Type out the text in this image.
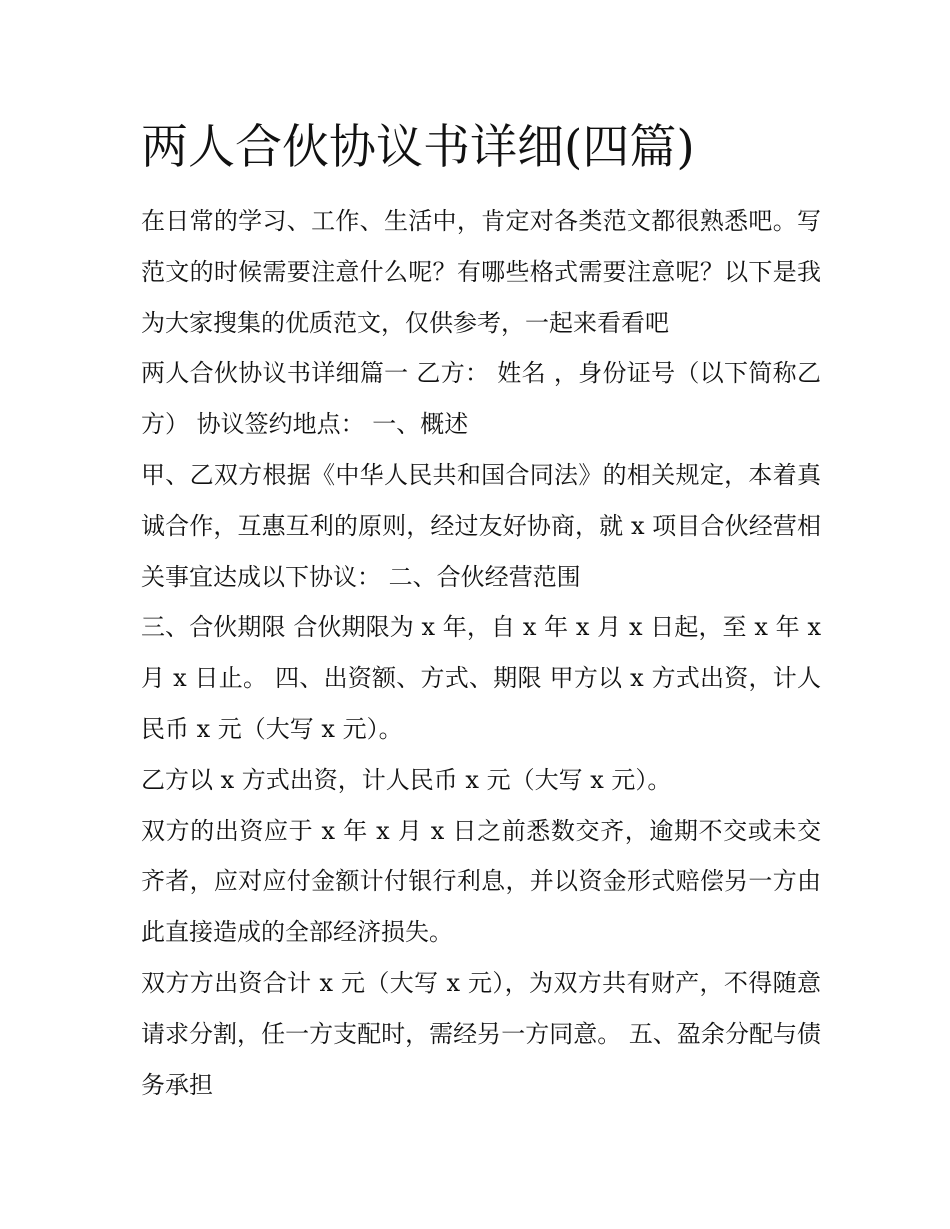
两人合伙协议书详细(四篇)

在日常的学习、工作、生活中，肯定对各类范文都很熟悉吧。写范文的时候需要注意什么呢？有哪些格式需要注意呢？以下是我为大家搜集的优质范文，仅供参考，一起来看看吧

两人合伙协议书详细篇一 乙方： 姓名 ，身份证号（以下简称乙方） 协议签约地点： 一、概述

甲、乙双方根据《中华人民共和国合同法》的相关规定，本着真诚合作，互惠互利的原则，经过友好协商，就 x 项目合伙经营相关事宜达成以下协议： 二、合伙经营范围

三、合伙期限 合伙期限为 x 年，自 x 年 x 月 x 日起，至 x 年 x 月 x 日止。 四、出资额、方式、期限 甲方以 x 方式出资，计人民币 x 元（大写 x 元）。

乙方以 x 方式出资，计人民币 x 元（大写 x 元）。

双方的出资应于 x 年 x 月 x 日之前悉数交齐，逾期不交或未交齐者，应对应付金额计付银行利息，并以资金形式赔偿另一方由此直接造成的全部经济损失。

双方方出资合计 x 元（大写 x 元），为双方共有财产，不得随意请求分割，任一方支配时，需经另一方同意。 五、盈余分配与债务承担
